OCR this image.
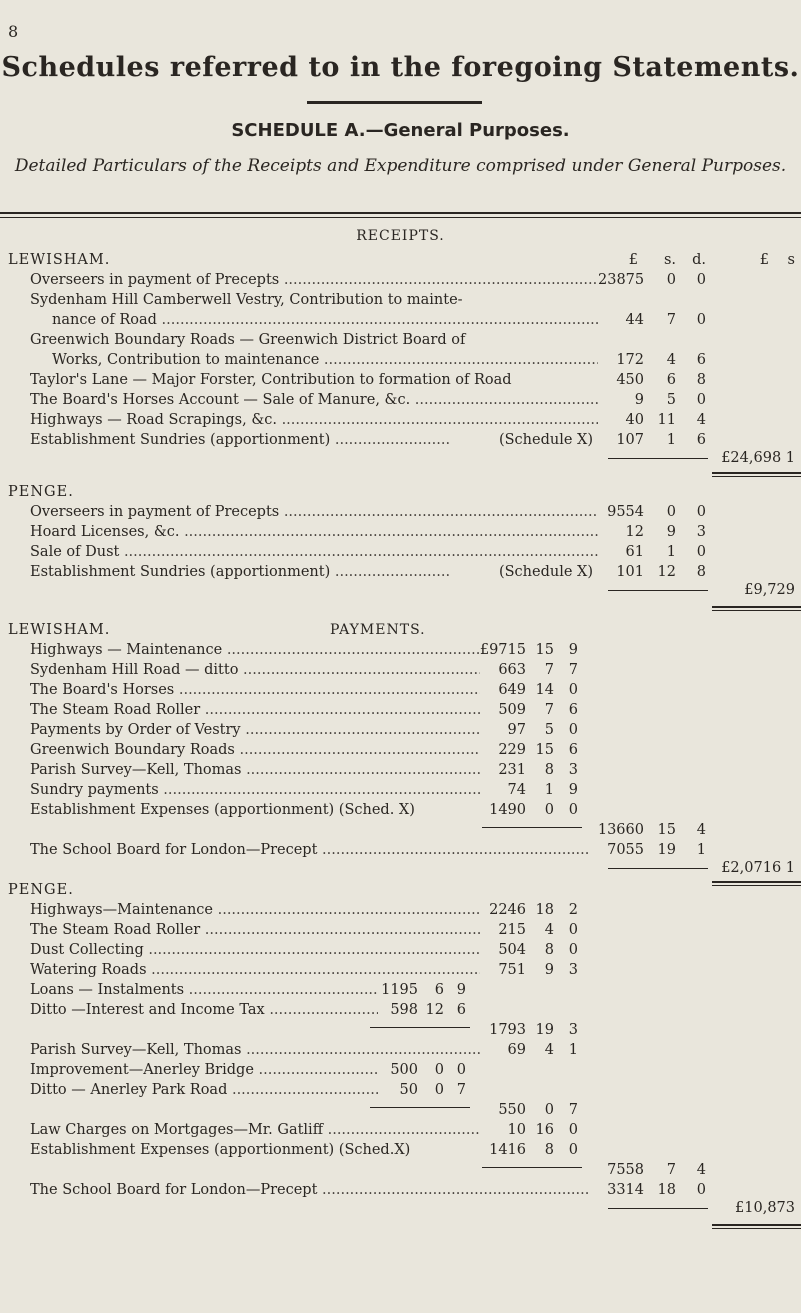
8
Schedules referred to in the foregoing Statements.
SCHEDULE A.—General Purposes.
Detailed Particulars of the Receipts and Expenditure comprised under General Purposes.
RECEIPTS.
LEWISHAM.	£	s.	d.	£	s
Overseers in payment of Precepts .....	23875	0	0
Sydenham Hill Camberwell Vestry, Contribution to mainte-
nance of Road .....	44	7	0
Greenwich Boundary Roads — Greenwich District Board of
Works, Contribution to maintenance .....	172	4	6
Taylor's Lane — Major Forster, Contribution to formation of Road	450	6	8
The Board's Horses Account — Sale of Manure, &c. .....	9	5	0
Highways — Road Scrapings, &c. .....	40 11	4
Establishment Sundries (apportionment) .....	(Schedule X)	107	1	6
£24,698 1
PENGE.
Overseers in payment of Precepts .....	9554	0	0
Hoard Licenses, &c. .....	12	9	3
Sale of Dust .....	61	1	0
Establishment Sundries (apportionment) .....	(Schedule X)	101 12	8
£9,729
LEWISHAM.	PAYMENTS.
Highways — Maintenance .....	£9715 15	9
Sydenham Hill Road — ditto .....	663	7	7
The Board's Horses .....	649 14	0
The Steam Road Roller .....	509	7	6
Payments by Order of Vestry .....	97	5	0
Greenwich Boundary Roads .....	229 15	6
Parish Survey—Kell, Thomas .....	231	8	3
Sundry payments .....	74	1	9
Establishment Expenses (apportionment) (Sched. X)	1490	0	0
13660 15	4
The School Board for London—Precept .....	7055 19	1
£2,0716 1
PENGE.
Highways—Maintenance .....	2246 18	2
The Steam Road Roller .....	215	4	0
Dust Collecting .....	504	8	0
Watering Roads .....	751	9	3
Loans — Instalments .....	1195	6 9
Ditto —Interest and Income Tax .....	598 12 6
1793 19	3
Parish Survey—Kell, Thomas .....	69	4	1
Improvement—Anerley Bridge .....	500	0 0
Ditto — Anerley Park Road .....	50	0 7
550	0	7
Law Charges on Mortgages—Mr. Gatliff .....	10 16	0
Establishment Expenses (apportionment) (Sched.X)	1416	8	0
7558	7	4
The School Board for London—Precept .....	3314 18	0
£10,873
